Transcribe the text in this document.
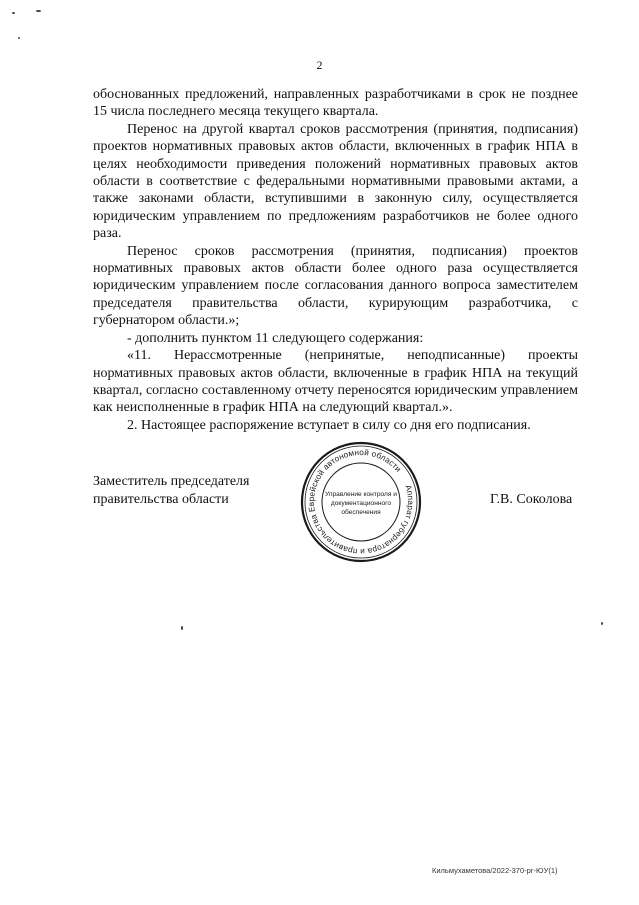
2

обоснованных предложений, направленных разработчиками в срок не позднее 15 числа последнего месяца текущего квартала.

Перенос на другой квартал сроков рассмотрения (принятия, подписания) проектов нормативных правовых актов области, включенных в график НПА в целях необходимости приведения положений нормативных правовых актов области в соответствие с федеральными нормативными правовыми актами, а также законами области, вступившими в законную силу, осуществляется юридическим управлением по предложениям разработчиков не более одного раза.

Перенос сроков рассмотрения (принятия, подписания) проектов нормативных правовых актов области более одного раза осуществляется юридическим управлением после согласования данного вопроса заместителем председателя правительства области, курирующим разработчика, с губернатором области.»;

- дополнить пунктом 11 следующего содержания:

«11. Нерассмотренные (непринятые, неподписанные) проекты нормативных правовых актов области, включенные в график НПА на текущий квартал, согласно составленному отчету переносятся юридическим управлением как неисполненные в график НПА на следующий квартал.».

2. Настоящее распоряжение вступает в силу со дня его подписания.

Заместитель председателя
правительства области
Аппарат губернатора и правительства Еврейской автономной области
Управление контроля и
документационного
обеспечения
Г.В. Соколова
Кильмухаметова/2022-370-рг-ЮУ(1)
